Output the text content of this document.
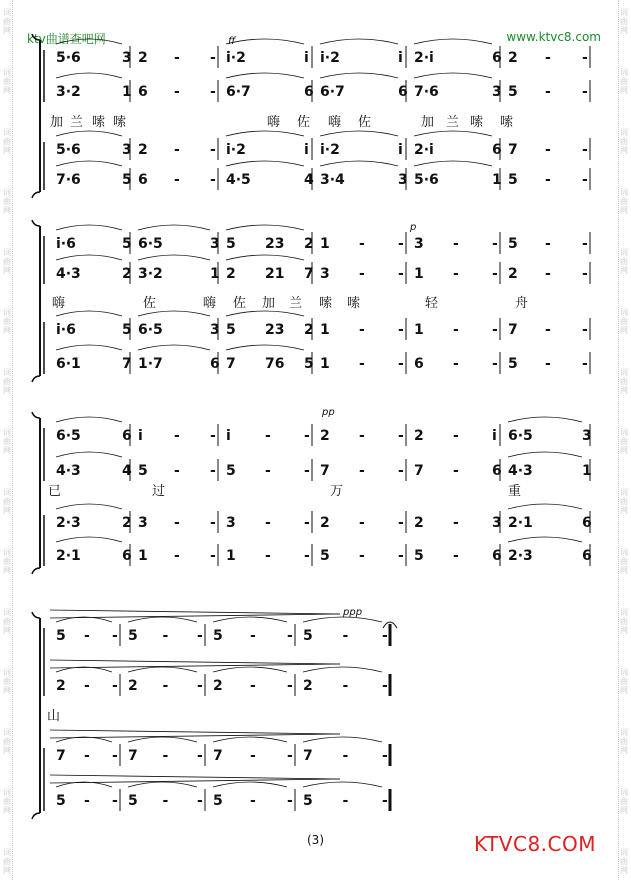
ktv曲谱查吧网	www.ktvc8.com
5·6	3 2 - - i·2	i i·2	i 2·i	6 2 - -
3·2	1 6 - - 6·7	6 6·7	6 7·6	3 5 - -
5·6	3 2 - - i·2	i i·2	i 2·i	6 7 - -
7·6	5 6 - - 4·5	4 3·4	3 5·6	1 5 - -
加 兰 嗦 嗦	嗨 佐 嗨 佐	加 兰 嗦 嗦
ff
p
i·6	5 6·5	3 5 23 2 1 - - 3 - - 5 - -
4·3	2 3·2	1 2 21 7 3 - - 1 - - 2 - -
i·6	5 6·5	3 5 23 2 1 - - 1 - - 7 - -
6·1	7 1·7	6 7 76 5 1 - - 6 - - 5 - -
嗨	佐	嗨 佐 加 兰 嗦 嗦	轻	舟
6·5	6 i - - i - - 2 - - 2 - i 6·5	3
4·3	4 5 - - 5 - - 7 - - 7 - 6 4·3	1
2·3	2 3 - - 3 - - 2 - - 2 - 3 2·1	6
2·1	6 1 - - 1 - - 5 - - 5 - 6 2·3	6
已	过	万	重
pp
5 - - 5 - - 5 - - 5 - -
2 - - 2 - - 2 - - 2 - -
7 - - 7 - - 7 - - 7 - -
5 - - 5 - - 5 - - 5 - -
山
ppp
(3)	KTVC8.COM
词
曲
网
词
曲
网
词
曲
网
词
曲
网
词
曲
网
词
曲
网
词
曲
网
词
曲
网
词
曲
网
词
曲
网
词
曲
网
词
曲
网
词
曲
网
词
曲
网
词
曲
网
词
曲
网
词
曲
网
词
曲
网
词
曲
网
词
曲
网
词
曲
网
词
曲
网
词
曲
网
词
曲
网
词
曲
网
词
曲
网
词
曲
网
词
曲
网
词
曲
网
词
曲
网
